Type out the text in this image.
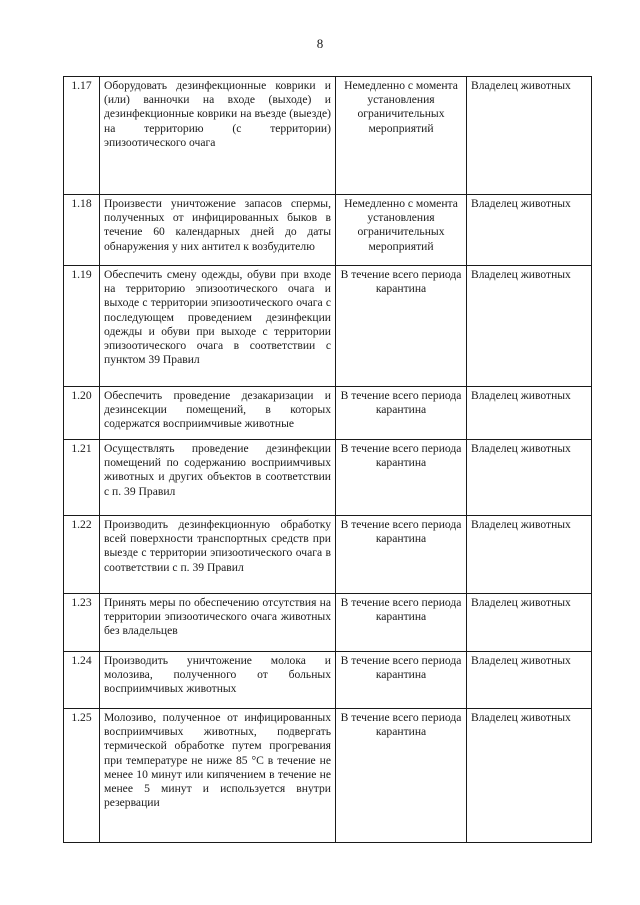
8
1.17	Оборудовать дезинфекционные коврики и (или) ванночки на входе (выходе) и дезинфекционные коврики на въезде (выезде) на территорию (с территории) эпизоотического очага	Немедленно с момента установления ограничительных мероприятий	Владелец животных
1.18	Произвести уничтожение запасов спермы, полученных от инфицированных быков в течение 60 календарных дней до даты обнаружения у них антител к возбудителю	Немедленно с момента установления ограничительных мероприятий	Владелец животных
1.19	Обеспечить смену одежды, обуви при входе на территорию эпизоотического очага и выходе с территории эпизоотического очага с последующем проведением дезинфекции одежды и обуви при выходе с территории эпизоотического очага в соответствии с пунктом 39 Правил	В течение всего периода карантина	Владелец животных
1.20	Обеспечить проведение дезакаризации и дезинсекции помещений, в которых содержатся восприимчивые животные	В течение всего периода карантина	Владелец животных
1.21	Осуществлять проведение дезинфекции помещений по содержанию восприимчивых животных и других объектов в соответствии с п. 39 Правил	В течение всего периода карантина	Владелец животных
1.22	Производить дезинфекционную обработку всей поверхности транспортных средств при выезде с территории эпизоотического очага в соответствии с п. 39 Правил	В течение всего периода карантина	Владелец животных
1.23	Принять меры по обеспечению отсутствия на территории эпизоотического очага животных без владельцев	В течение всего периода карантина	Владелец животных
1.24	Производить уничтожение молока и молозива, полученного от больных восприимчивых животных	В течение всего периода карантина	Владелец животных
1.25	Молозиво, полученное от инфицированных восприимчивых животных, подвергать термической обработке путем прогревания при температуре не ниже 85 °С в течение не менее 10 минут или кипячением в течение не менее 5 минут и используется внутри резервации	В течение всего периода карантина	Владелец животных
